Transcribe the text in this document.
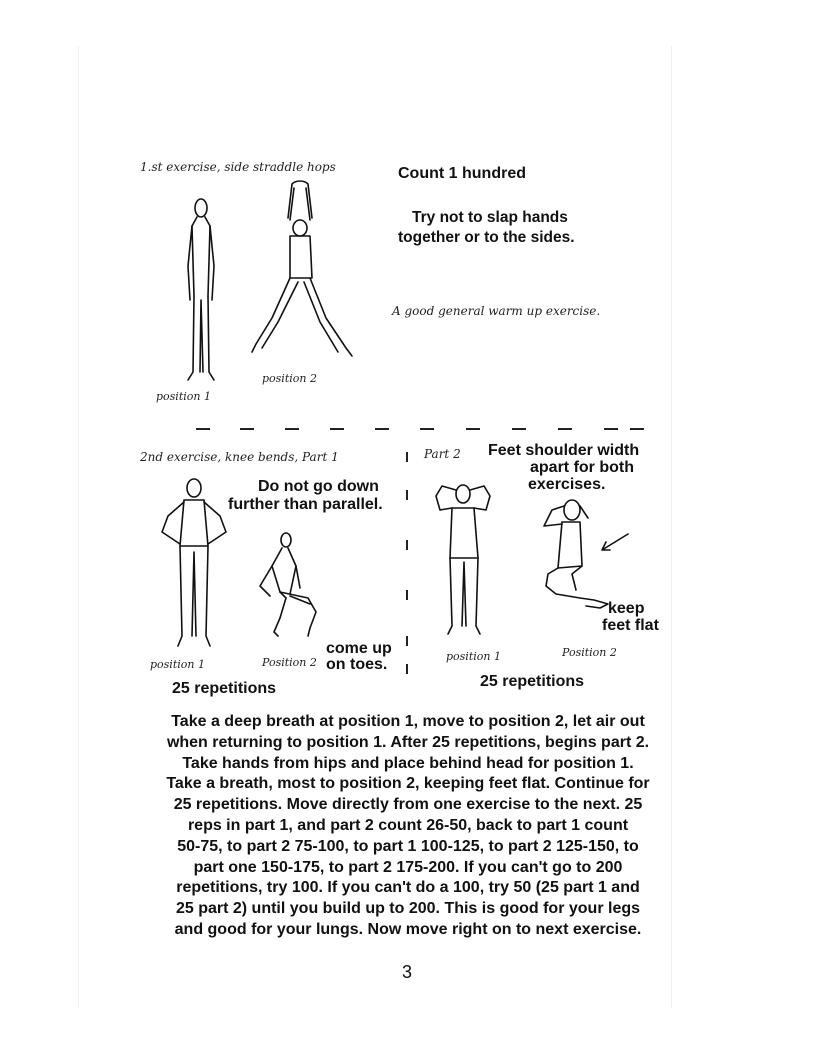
1.st exercise, side straddle hops	Count 1 hundred
Try not to slap hands
together or to the sides.
A good general warm up exercise.
position 1
position 2
2nd exercise, knee bends, Part 1	Part 2 Feet shoulder width
apart for both
exercises.
Do not go down
further than parallel.
come up
on toes.
position 1	Position 2
25 repetitions
keep
feet flat
position 1	Position 2
25 repetitions
Take a deep breath at position 1, move to position 2, let air out
when returning to position 1. After 25 repetitions, begins part 2.
Take hands from hips and place behind head for position 1.
Take a breath, most to position 2, keeping feet flat. Continue for
25 repetitions. Move directly from one exercise to the next. 25
reps in part 1, and part 2 count 26-50, back to part 1 count
50-75, to part 2 75-100, to part 1 100-125, to part 2 125-150, to
part one 150-175, to part 2 175-200. If you can't go to 200
repetitions, try 100. If you can't do a 100, try 50 (25 part 1 and
25 part 2) until you build up to 200. This is good for your legs
and good for your lungs. Now move right on to next exercise.
3
